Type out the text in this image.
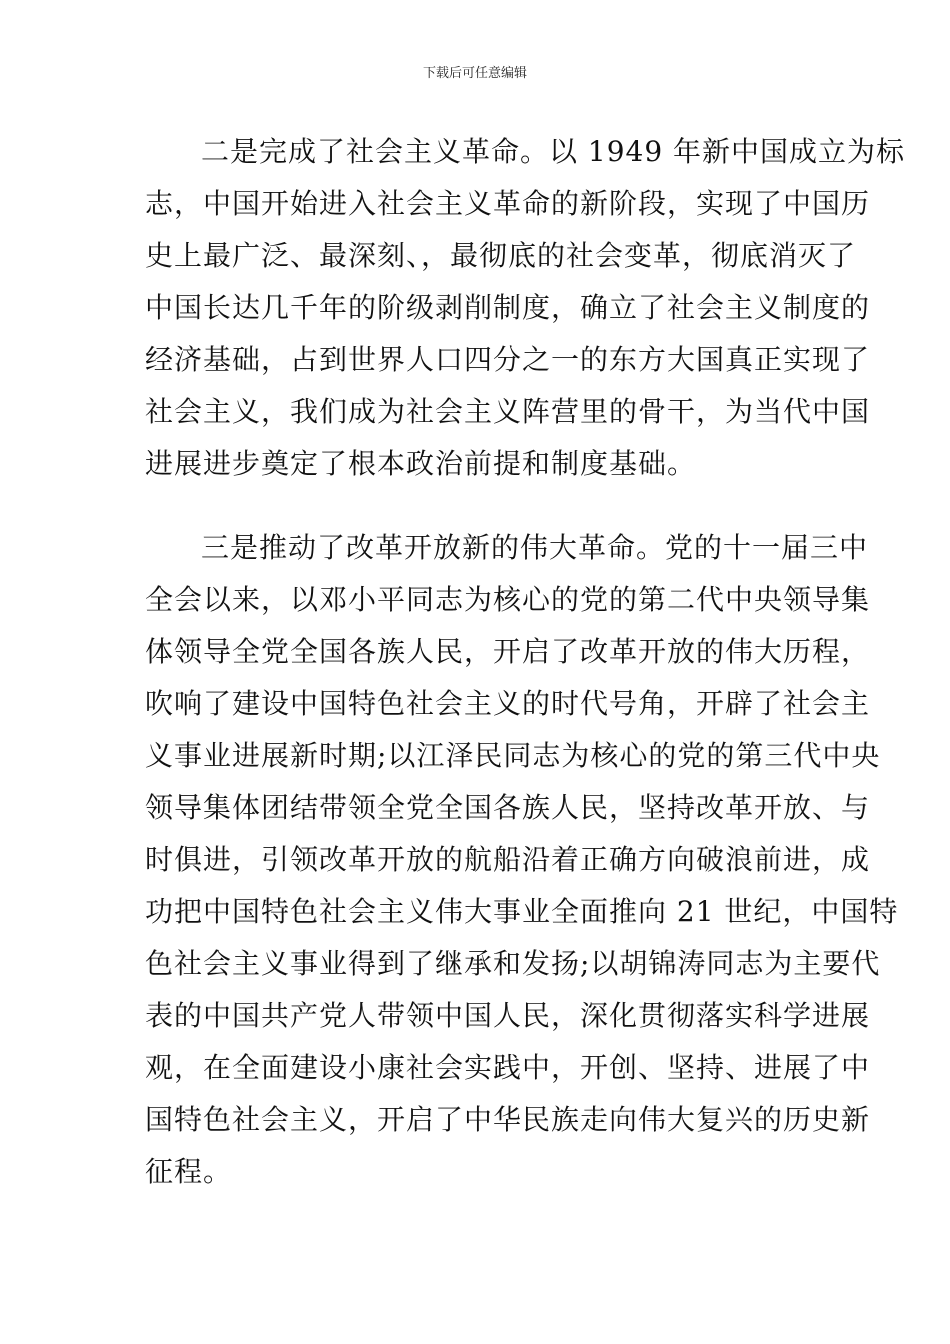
下载后可任意编辑

二是完成了社会主义革命。以 1949 年新中国成立为标
志，中国开始进入社会主义革命的新阶段，实现了中国历
史上最广泛、最深刻、，最彻底的社会变革，彻底消灭了
中国长达几千年的阶级剥削制度，确立了社会主义制度的
经济基础，占到世界人口四分之一的东方大国真正实现了
社会主义，我们成为社会主义阵营里的骨干，为当代中国
进展进步奠定了根本政治前提和制度基础。

三是推动了改革开放新的伟大革命。党的十一届三中
全会以来，以邓小平同志为核心的党的第二代中央领导集
体领导全党全国各族人民，开启了改革开放的伟大历程，
吹响了建设中国特色社会主义的时代号角，开辟了社会主
义事业进展新时期;以江泽民同志为核心的党的第三代中央
领导集体团结带领全党全国各族人民，坚持改革开放、与
时俱进，引领改革开放的航船沿着正确方向破浪前进，成
功把中国特色社会主义伟大事业全面推向 21 世纪，中国特
色社会主义事业得到了继承和发扬;以胡锦涛同志为主要代
表的中国共产党人带领中国人民，深化贯彻落实科学进展
观，在全面建设小康社会实践中，开创、坚持、进展了中
国特色社会主义，开启了中华民族走向伟大复兴的历史新
征程。
